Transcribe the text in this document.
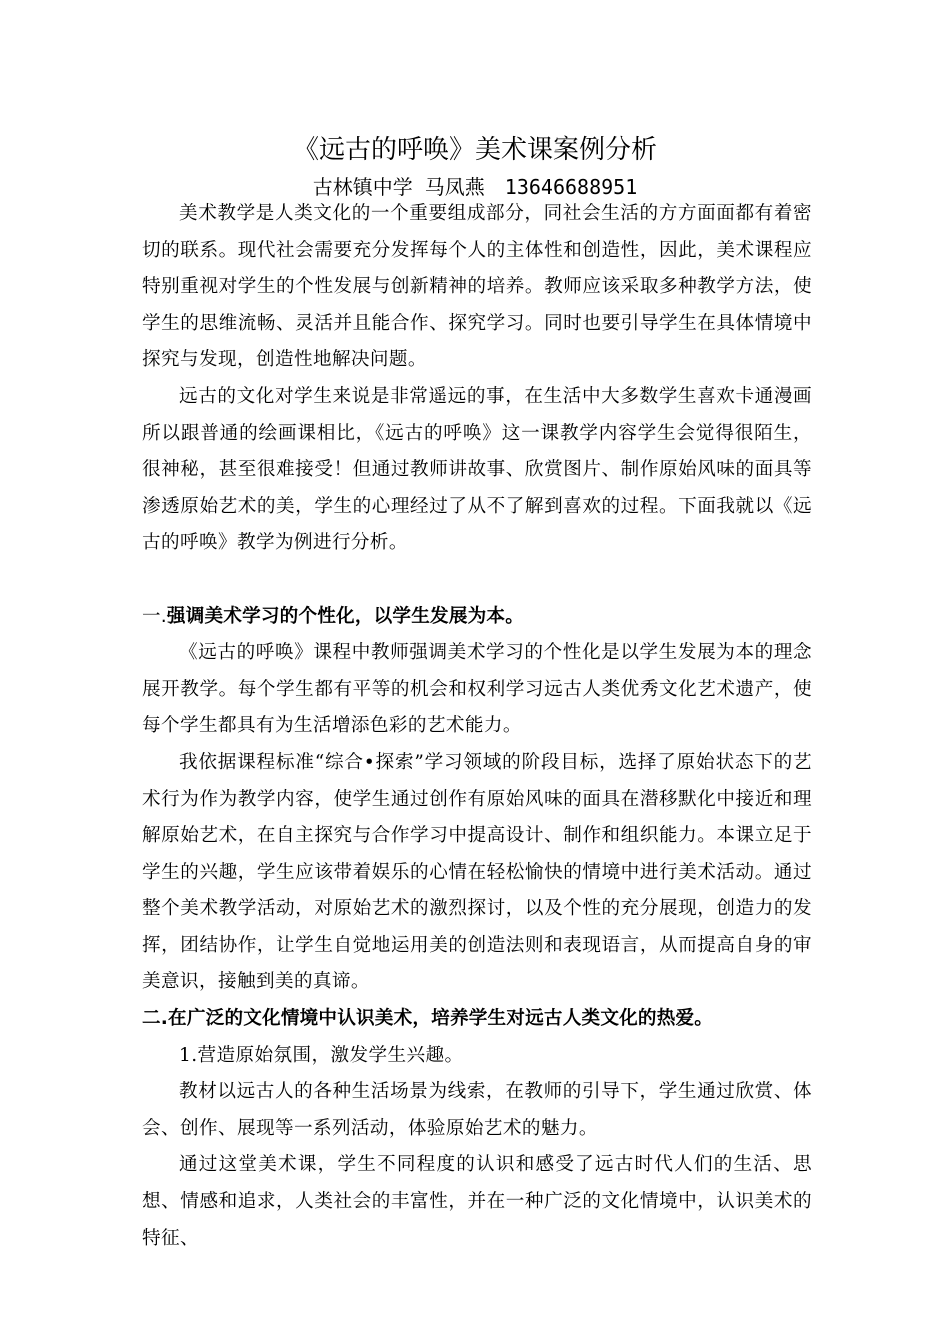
《远古的呼唤》美术课案例分析
古林镇中学 马凤燕　13646688951

美术教学是人类文化的一个重要组成部分，同社会生活的方方面面都有着密切的联系。现代社会需要充分发挥每个人的主体性和创造性，因此，美术课程应特别重视对学生的个性发展与创新精神的培养。教师应该采取多种教学方法，使学生的思维流畅、灵活并且能合作、探究学习。同时也要引导学生在具体情境中探究与发现，创造性地解决问题。

远古的文化对学生来说是非常遥远的事，在生活中大多数学生喜欢卡通漫画所以跟普通的绘画课相比，《远古的呼唤》这一课教学内容学生会觉得很陌生，很神秘，甚至很难接受！但通过教师讲故事、欣赏图片、制作原始风味的面具等渗透原始艺术的美，学生的心理经过了从不了解到喜欢的过程。下面我就以《远古的呼唤》教学为例进行分析。

一.强调美术学习的个性化，以学生发展为本。

《远古的呼唤》课程中教师强调美术学习的个性化是以学生发展为本的理念展开教学。每个学生都有平等的机会和权利学习远古人类优秀文化艺术遗产，使每个学生都具有为生活增添色彩的艺术能力。

我依据课程标准“综合•探索”学习领域的阶段目标，选择了原始状态下的艺术行为作为教学内容，使学生通过创作有原始风味的面具在潜移默化中接近和理解原始艺术，在自主探究与合作学习中提高设计、制作和组织能力。本课立足于学生的兴趣，学生应该带着娱乐的心情在轻松愉快的情境中进行美术活动。通过整个美术教学活动，对原始艺术的激烈探讨，以及个性的充分展现，创造力的发挥，团结协作，让学生自觉地运用美的创造法则和表现语言，从而提高自身的审美意识，接触到美的真谛。

二.在广泛的文化情境中认识美术，培养学生对远古人类文化的热爱。

1.营造原始氛围，激发学生兴趣。

教材以远古人的各种生活场景为线索，在教师的引导下，学生通过欣赏、体会、创作、展现等一系列活动，体验原始艺术的魅力。

通过这堂美术课，学生不同程度的认识和感受了远古时代人们的生活、思想、情感和追求，人类社会的丰富性，并在一种广泛的文化情境中，认识美术的特征、
